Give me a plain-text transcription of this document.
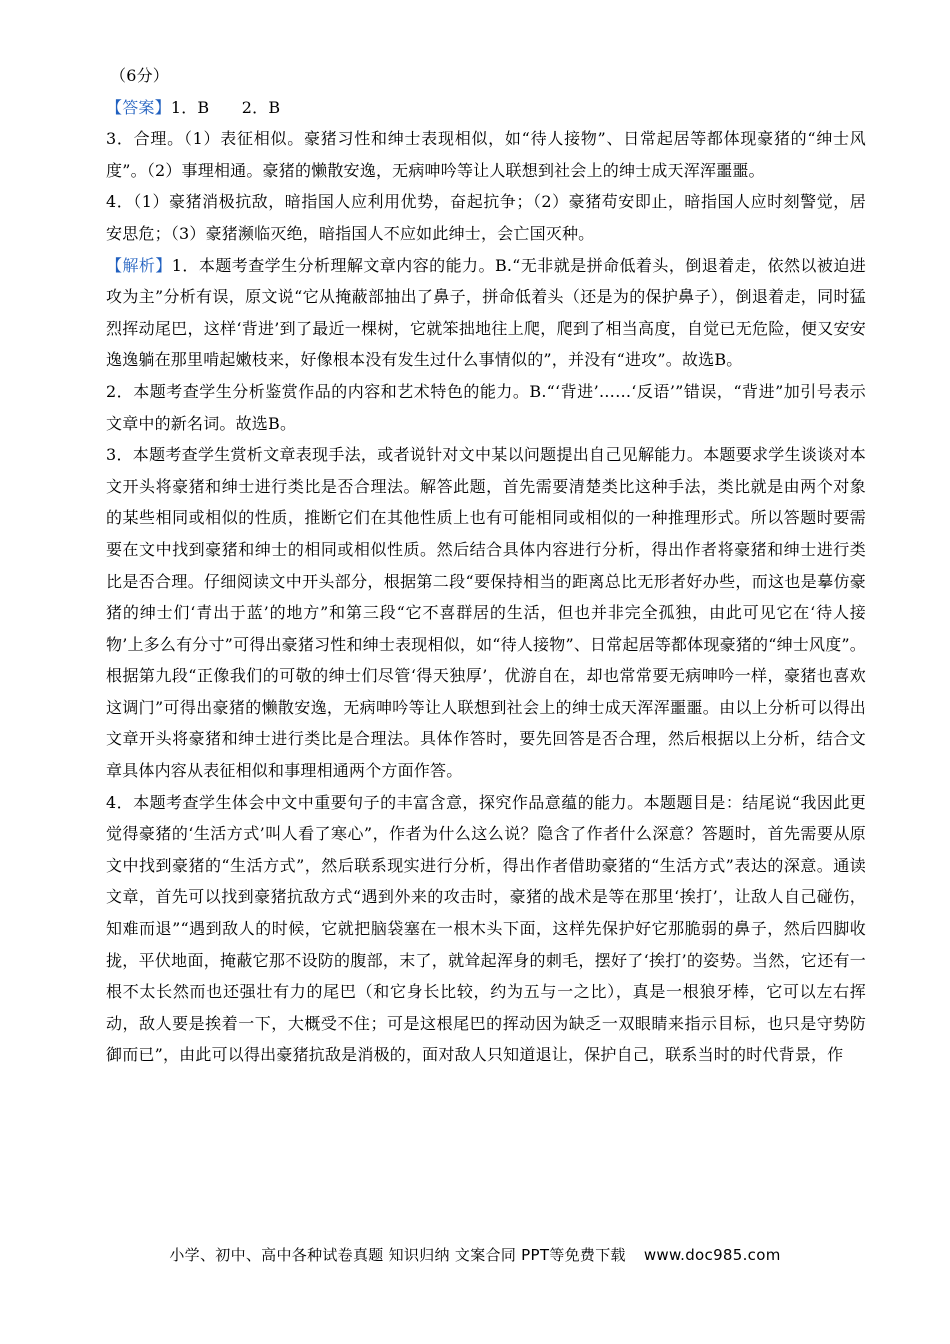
（6分）

【答案】1．B　　2．B

3．合理。（1）表征相似。豪猪习性和绅士表现相似，如“待人接物”、日常起居等都体现豪猪的“绅士风度”。（2）事理相通。豪猪的懒散安逸，无病呻吟等让人联想到社会上的绅士成天浑浑噩噩。

4．（1）豪猪消极抗敌，暗指国人应利用优势，奋起抗争；（2）豪猪苟安即止，暗指国人应时刻警觉，居安思危；（3）豪猪濒临灭绝，暗指国人不应如此绅士，会亡国灭种。

【解析】1．本题考查学生分析理解文章内容的能力。B.“无非就是拼命低着头，倒退着走，依然以被迫进攻为主”分析有误，原文说“它从掩蔽部抽出了鼻子，拼命低着头（还是为的保护鼻子），倒退着走，同时猛烈挥动尾巴，这样‘背进’到了最近一棵树，它就笨拙地往上爬，爬到了相当高度，自觉已无危险，便又安安逸逸躺在那里啃起嫩枝来，好像根本没有发生过什么事情似的”，并没有“进攻”。故选B。

2．本题考查学生分析鉴赏作品的内容和艺术特色的能力。B.“‘背进’……‘反语’”错误，“背进”加引号表示文章中的新名词。故选B。

3．本题考查学生赏析文章表现手法，或者说针对文中某以问题提出自己见解能力。本题要求学生谈谈对本文开头将豪猪和绅士进行类比是否合理法。解答此题，首先需要清楚类比这种手法，类比就是由两个对象的某些相同或相似的性质，推断它们在其他性质上也有可能相同或相似的一种推理形式。所以答题时要需要在文中找到豪猪和绅士的相同或相似性质。然后结合具体内容进行分析，得出作者将豪猪和绅士进行类比是否合理。仔细阅读文中开头部分，根据第二段“要保持相当的距离总比无形者好办些，而这也是摹仿豪猪的绅士们‘青出于蓝’的地方”和第三段“它不喜群居的生活，但也并非完全孤独，由此可见它在‘待人接物’上多么有分寸”可得出豪猪习性和绅士表现相似，如“待人接物”、日常起居等都体现豪猪的“绅士风度”。根据第九段“正像我们的可敬的绅士们尽管‘得天独厚’，优游自在，却也常常要无病呻吟一样，豪猪也喜欢这调门”可得出豪猪的懒散安逸，无病呻吟等让人联想到社会上的绅士成天浑浑噩噩。由以上分析可以得出文章开头将豪猪和绅士进行类比是合理法。具体作答时，要先回答是否合理，然后根据以上分析，结合文章具体内容从表征相似和事理相通两个方面作答。

4．本题考查学生体会中文中重要句子的丰富含意，探究作品意蕴的能力。本题题目是：结尾说“我因此更觉得豪猪的‘生活方式’叫人看了寒心”，作者为什么这么说？隐含了作者什么深意？答题时，首先需要从原文中找到豪猪的“生活方式”，然后联系现实进行分析，得出作者借助豪猪的“生活方式”表达的深意。通读文章，首先可以找到豪猪抗敌方式“遇到外来的攻击时，豪猪的战术是等在那里‘挨打’，让敌人自己碰伤，知难而退”“遇到敌人的时候，它就把脑袋塞在一根木头下面，这样先保护好它那脆弱的鼻子，然后四脚收拢，平伏地面，掩蔽它那不设防的腹部，末了，就耸起浑身的刺毛，摆好了‘挨打’的姿势。当然，它还有一根不太长然而也还强壮有力的尾巴（和它身长比较，约为五与一之比），真是一根狼牙棒，它可以左右挥动，敌人要是挨着一下，大概受不住；可是这根尾巴的挥动因为缺乏一双眼睛来指示目标，也只是守势防御而已”，由此可以得出豪猪抗敌是消极的，面对敌人只知道退让，保护自己，联系当时的时代背景，作

小学、初中、高中各种试卷真题 知识归纳 文案合同 PPT等免费下载 www.doc985.com
